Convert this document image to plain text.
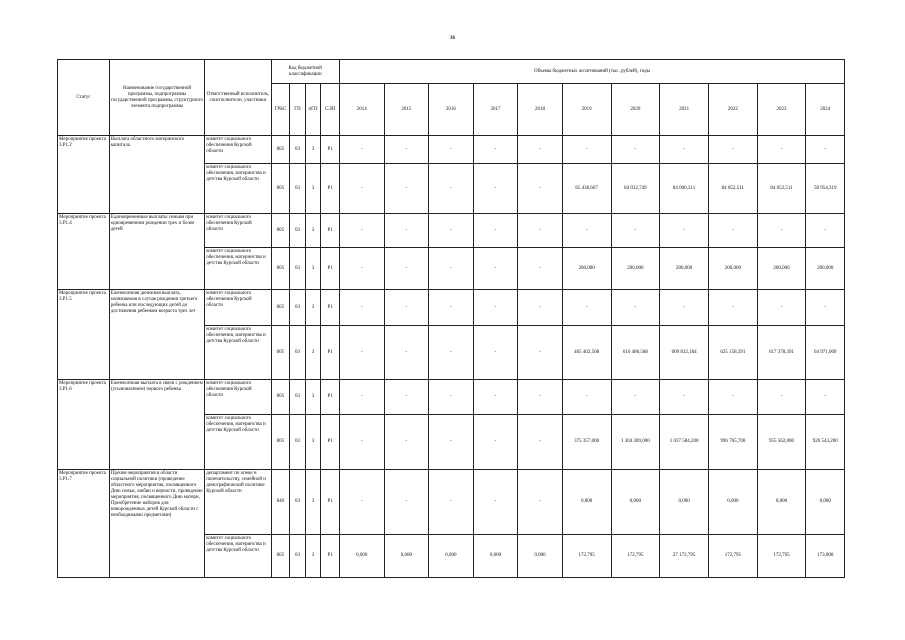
36
Статус	Наименование государственной программы, подпрограммы государственной программы, структурного элемента подпрограммы	Ответственный исполнитель, соисполнители, участники	Код бюджетной классификации				Объемы бюджетных ассигнований (тыс. рублей), годы										
			ГРБС	ГП	пГП	СЭП	2014	2015	2016	2017	2018	2019	2020	2021	2022	2023	2024
Мероприятие проекта 3.Р1.2	Выплата областного материнского капитала	комитет социального обеспечения Курской области	805	03	3	Р1	-	-	-	-	-	-	-	-	-	-	-
		комитет социального обеспечения, материнства и детства Курской области	805	03	3	Р1	-	-	-	-	-	65 438,667	84 032,749	84 000,311	84 052,511	84 052,511	58 954,319
Мероприятие проекта 3.Р1.4	Единовременные выплаты семьям при одновременном рождении трех и более детей	комитет социального обеспечения Курской области	805	03	3	Р1	-	-	-	-	-	-	-	-	-	-	-
		комитет социального обеспечения, материнства и детства Курской области	805	03	3	Р1	-	-	-	-	-	200,000	200,000	200,000	200,000	200,000	200,000
Мероприятие проекта 3.Р1.5	Ежемесячная денежная выплата, назначаемая в случае рождения третьего ребенка или последующих детей до достижения ребенком возраста трех лет	комитет социального обеспечения Курской области	805	03	3	Р1	-	-	-	-	-	-	-	-	-	-	-
		комитет социального обеспечения, материнства и детства Курской области	805	03	3	Р1	-	-	-	-	-	465 402,508	616 486,588	609 832,184	625 158,391	617 378,391	64 971,000
Мероприятие проекта 3.Р1.6	Ежемесячная выплата в связи с рождением (усыновлением) первого ребенка	комитет социального обеспечения Курской области	805	03	3	Р1	-	-	-	-	-	-	-	-	-	-	-
		комитет социального обеспечения, материнства и детства Курской области	805	03	3	Р1	-	-	-	-	-	375 357,000	1 304 289,000	1 037 584,200	996 765,700	955 562,000	926 543,200
Мероприятие проекта 3.Р1.7	Прочие мероприятия в области социальной политики (проведение областного мероприятия, посвященного Дню семьи, любви и верности, проведение мероприятия, посвященного Дню матери, Приобретение наборов для новорожденных детей Курской области с необходимыми предметами)	департамент по опеке и попечительству, семейной и демографической политике Курской области	840	03	3	Р1	-	-	-	-	-	0,000	0,000	0,000	0,000	0,000	0,000
		комитет социального обеспечения, материнства и детства Курской области	805	03	3	Р1	0,000	0,000	0,000	0,000	0,000	172,795	172,795	27 172,795	172,795	172,795	173,000
